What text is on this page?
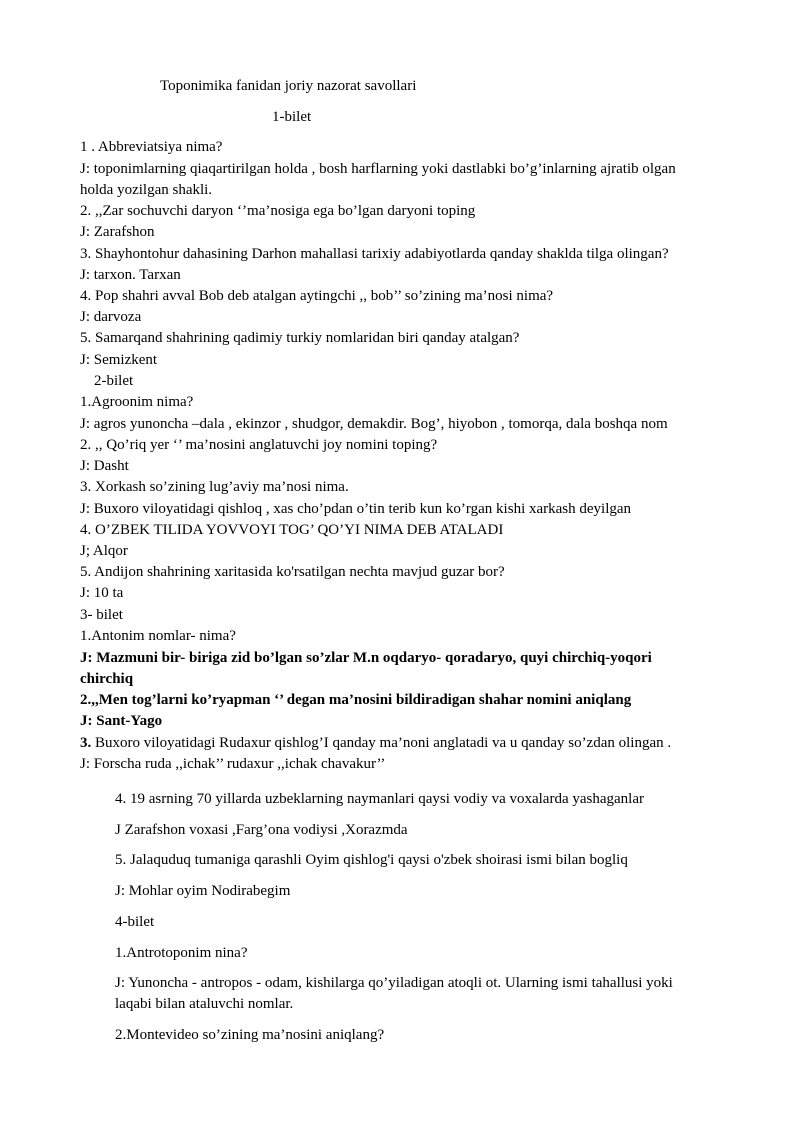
Toponimika fanidan joriy nazorat savollari
1-bilet
1 . Abbreviatsiya nima?
J: toponimlarning qiaqartirilgan holda , bosh harflarning yoki dastlabki bo’g’inlarning ajratib olgan
holda yozilgan shakli.
2. ,,Zar sochuvchi daryon ‘’ma’nosiga ega bo’lgan daryoni toping
J: Zarafshon
3. Shayhontohur dahasining Darhon mahallasi tarixiy adabiyotlarda qanday shaklda tilga olingan?
J: tarxon. Tarxan
4. Pop shahri avval Bob deb atalgan aytingchi ,, bob’’ so’zining ma’nosi nima?
J: darvoza
5. Samarqand shahrining qadimiy turkiy nomlaridan biri qanday atalgan?
J: Semizkent
2-bilet
1.Agroonim nima?
J: agros yunoncha –dala , ekinzor , shudgor, demakdir. Bog’, hiyobon , tomorqa, dala boshqa nom
2. ,, Qo’riq yer ‘’ ma’nosini anglatuvchi joy nomini toping?
J: Dasht
3. Xorkash so’zining lug’aviy ma’nosi nima.
J: Buxoro viloyatidagi qishloq , xas cho’pdan o’tin terib kun ko’rgan kishi xarkash deyilgan
4. O’ZBEK TILIDA YOVVOYI TOG’ QO’YI NIMA DEB ATALADI
J; Alqor
5. Andijon shahrining xaritasida ko'rsatilgan nechta mavjud guzar bor?
J: 10 ta
3- bilet
1.Antonim nomlar- nima?
J: Mazmuni bir- biriga zid bo’lgan so’zlar M.n oqdaryo- qoradaryo, quyi chirchiq-yoqori
chirchiq
2.,,Men tog’larni ko’ryapman ‘’ degan ma’nosini bildiradigan shahar nomini aniqlang
J: Sant-Yago
3. Buxoro viloyatidagi Rudaxur qishlog’I qanday ma’noni anglatadi va u qanday so’zdan olingan .
J: Forscha ruda ,,ichak’’ rudaxur ,,ichak chavakur’’
4. 19 asrning 70 yillarda uzbeklarning naymanlari qaysi vodiy va voxalarda yashaganlar
J Zarafshon voxasi ,Farg’ona vodiysi ,Xorazmda
5. Jalaquduq tumaniga qarashli Oyim qishlog'i qaysi o'zbek shoirasi ismi bilan bogliq
J: Mohlar oyim Nodirabegim
4-bilet
1.Antrotoponim nina?
J: Yunoncha - antropos - odam, kishilarga qo’yiladigan atoqli ot. Ularning ismi tahallusi yoki
laqabi bilan ataluvchi nomlar.
2.Montevideo so’zining ma’nosini aniqlang?
